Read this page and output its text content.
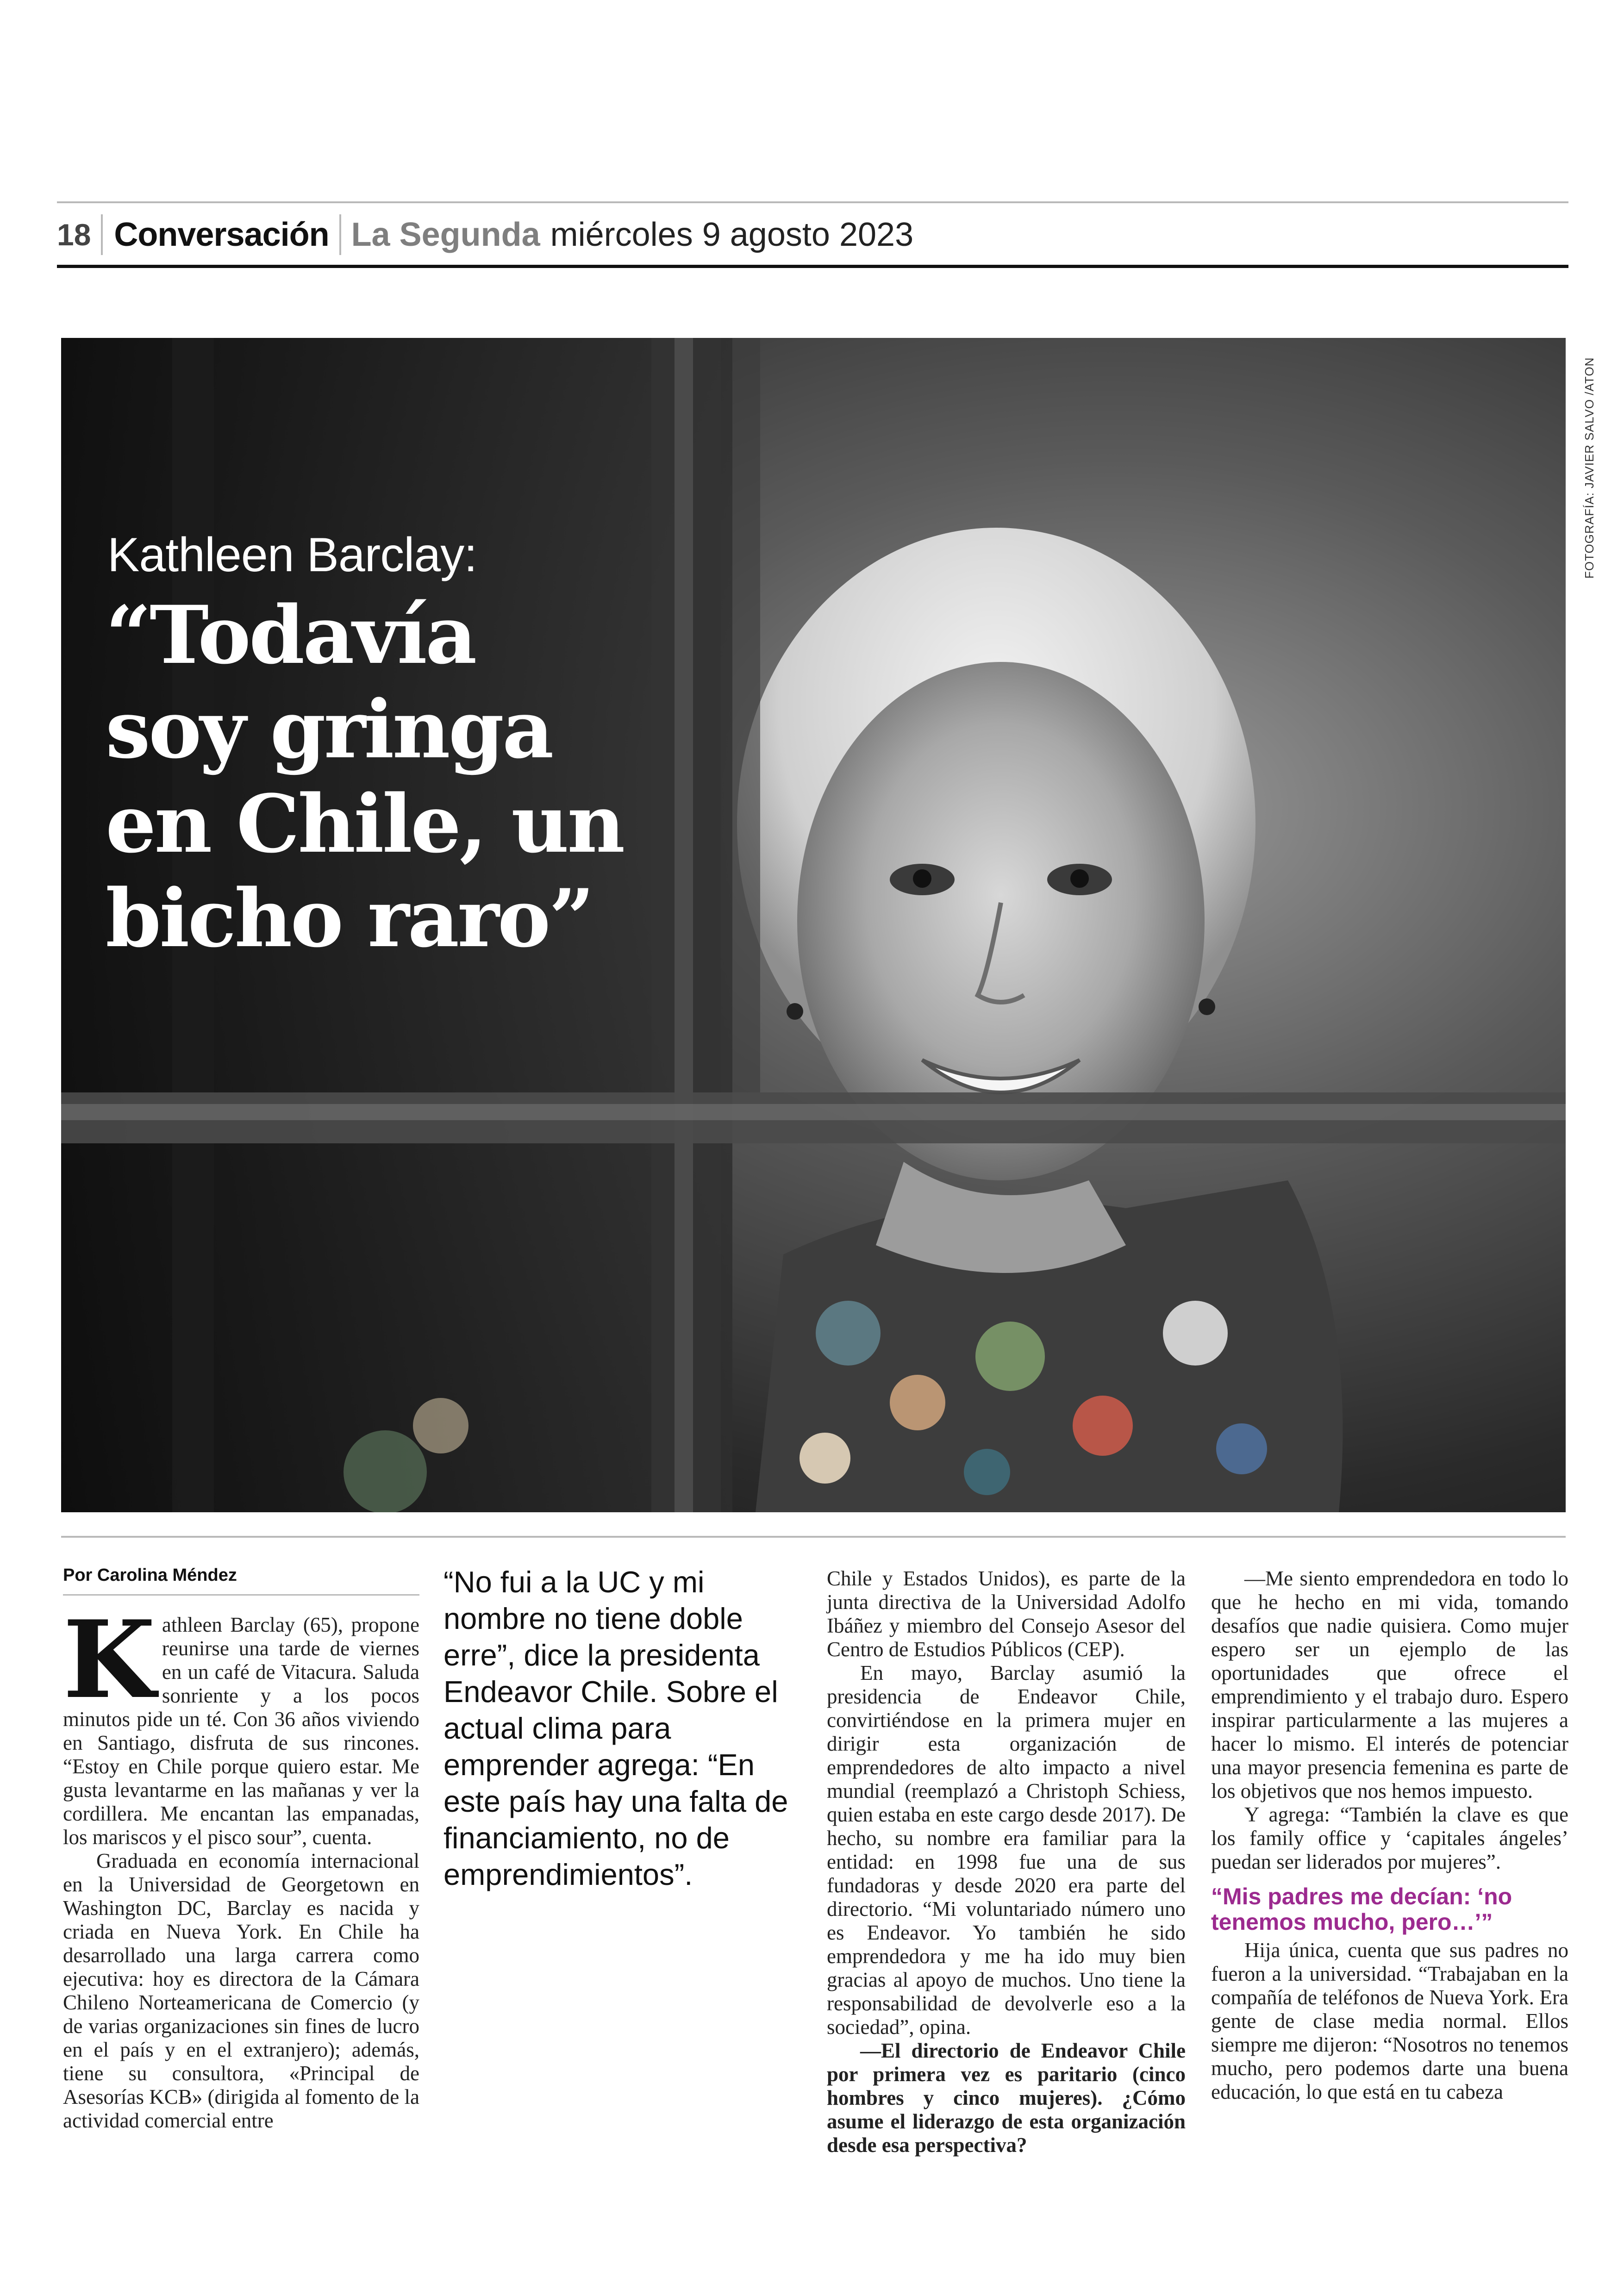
18 Conversación La Segunda miércoles 9 agosto 2023
Kathleen Barclay:
“Todavía
soy gringa
en Chile, un
bicho raro”
FOTOGRAFÍA: JAVIER SALVO /ATON
Por Carolina Méndez
K athleen Barclay (65), propone reunirse una tarde de viernes en un café de Vitacura. Saluda sonriente y a los pocos minutos pide un té. Con 36 años viviendo en Santiago, disfruta de sus rincones. “Estoy en Chile porque quiero estar. Me gusta levantarme en las mañanas y ver la cordillera. Me encantan las empanadas, los mariscos y el pisco sour”, cuenta.

Graduada en economía internacional en la Universidad de Georgetown en Washington DC, Barclay es nacida y criada en Nueva York. En Chile ha desarrollado una larga carrera como ejecutiva: hoy es directora de la Cámara Chileno Norteamericana de Comercio (y de varias organizaciones sin fines de lucro en el país y en el extranjero); además, tiene su consultora, «Principal de Asesorías KCB» (dirigida al fomento de la actividad comercial entre

“No fui a la UC y mi nombre no tiene doble erre”, dice la presidenta Endeavor Chile. Sobre el actual clima para emprender agrega: “En este país hay una falta de financiamiento, no de emprendimientos”.

Chile y Estados Unidos), es parte de la junta directiva de la Universidad Adolfo Ibáñez y miembro del Consejo Asesor del Centro de Estudios Públicos (CEP).

En mayo, Barclay asumió la presidencia de Endeavor Chile, convirtiéndose en la primera mujer en dirigir esta organización de emprendedores de alto impacto a nivel mundial (reemplazó a Christoph Schiess, quien estaba en este cargo desde 2017). De hecho, su nombre era familiar para la entidad: en 1998 fue una de sus fundadoras y desde 2020 era parte del directorio. “Mi voluntariado número uno es Endeavor. Yo también he sido emprendedora y me ha ido muy bien gracias al apoyo de muchos. Uno tiene la responsabilidad de devolverle eso a la sociedad”, opina.

—El directorio de Endeavor Chile por primera vez es paritario (cinco hombres y cinco mujeres). ¿Cómo asume el liderazgo de esta organización desde esa perspectiva?

—Me siento emprendedora en todo lo que he hecho en mi vida, tomando desafíos que nadie quisiera. Como mujer espero ser un ejemplo de las oportunidades que ofrece el emprendimiento y el trabajo duro. Espero inspirar particularmente a las mujeres a hacer lo mismo. El interés de potenciar una mayor presencia femenina es parte de los objetivos que nos hemos impuesto.

Y agrega: “También la clave es que los family office y ‘capitales ángeles’ puedan ser liderados por mujeres”.

“Mis padres me decían: ‘no tenemos mucho, pero…’”

Hija única, cuenta que sus padres no fueron a la universidad. “Trabajaban en la compañía de teléfonos de Nueva York. Era gente de clase media normal. Ellos siempre me dijeron: “Nosotros no tenemos mucho, pero podemos darte una buena educación, lo que está en tu cabeza
